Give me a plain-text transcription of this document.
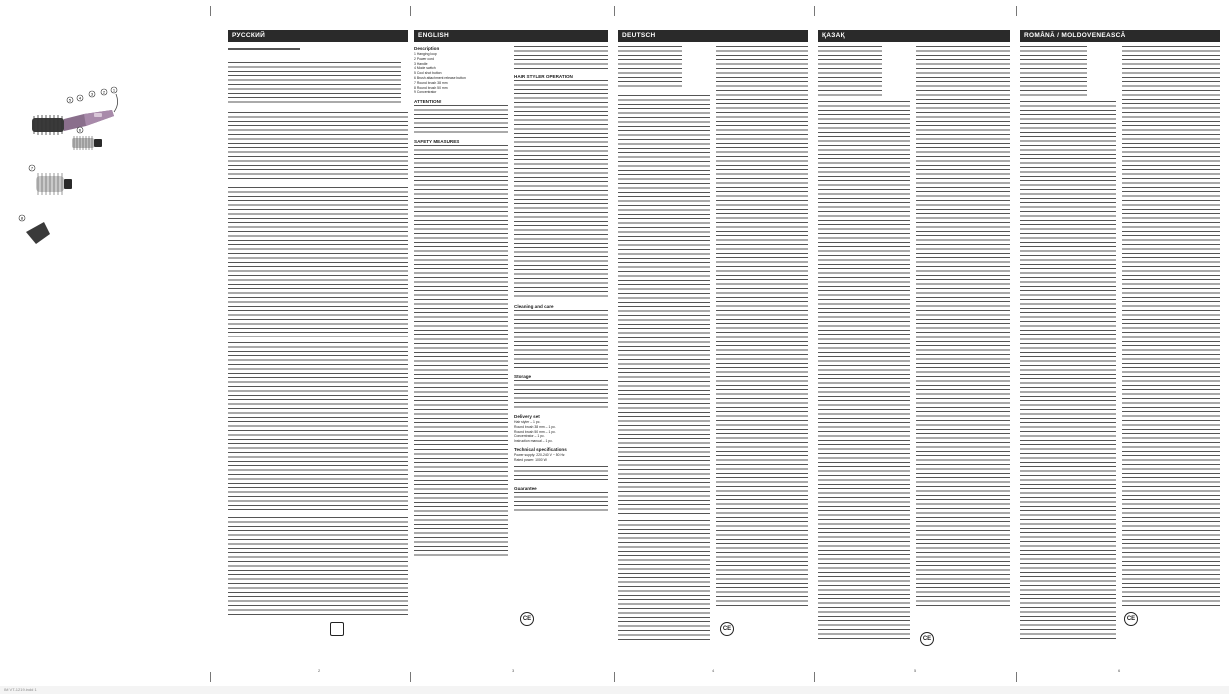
1
2
3
4
5
6
7
8
РУССКИЙ
	ENGLISH
Description
1 Hanging loop
2 Power cord
3 Handle
4 Mode switch
5 Cool shot button
6 Brush attachment release button
7 Round brush 38 mm
8 Round brush 50 mm
9 Concentrator
ATTENTION!
SAFETY MEASURES
HAIR STYLER OPERATION
Cleaning and care
Storage
Delivery set
Hair styler – 1 pc.
Round brush 38 mm – 1 pc.
Round brush 50 mm – 1 pc.
Concentrator – 1 pc.
Instruction manual – 1 pc.
Technical specifications
Power supply: 220-240 V ~ 50 Hz
Rated power: 1000 W
Guarantee
CE
DEUTSCH
CE
ҚАЗАҚ
CE
ROMÂNĂ / MOLDOVENEASCĂ
CE
2	3	4	5	6
IM VT-1219.indd 1
